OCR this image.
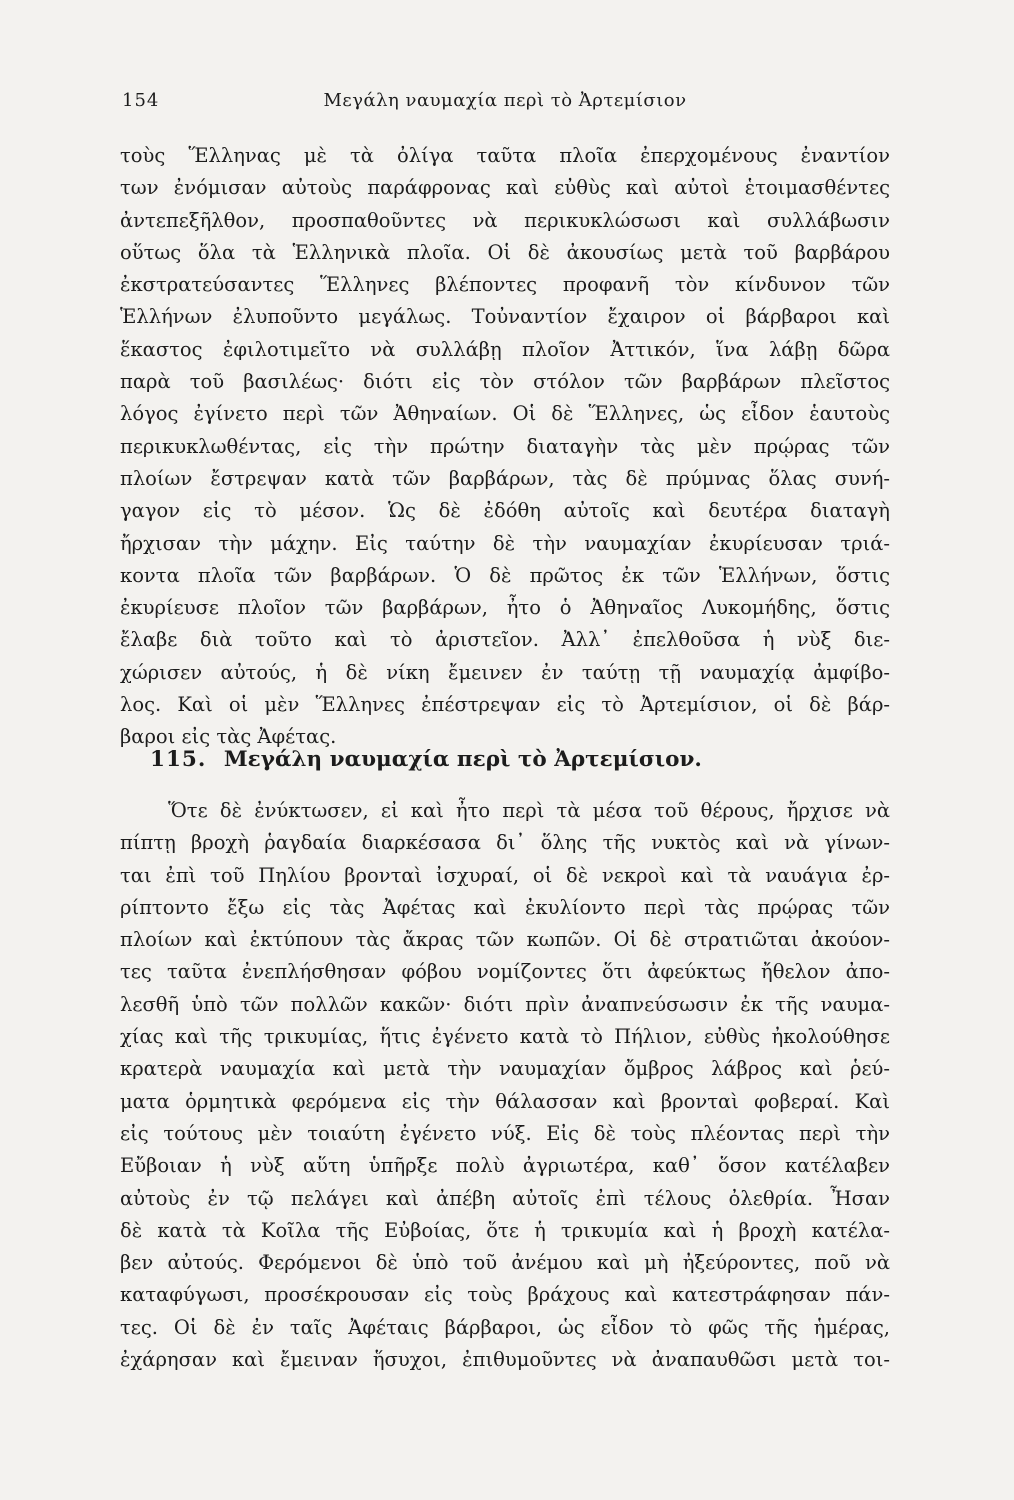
154	Μεγάλη ναυμαχία περὶ τὸ Ἀρτεμίσιον
τοὺς Ἕλληνας μὲ τὰ ὀλίγα ταῦτα πλοῖα ἐπερχομένους ἐναντίον
των ἐνόμισαν αὐτοὺς παράφρονας καὶ εὐθὺς καὶ αὐτοὶ ἑτοιμασθέντες
ἀντεπεξῆλθον, προσπαθοῦντες νὰ περικυκλώσωσι καὶ συλλάβωσιν
οὕτως ὅλα τὰ Ἑλληνικὰ πλοῖα. Οἱ δὲ ἀκουσίως μετὰ τοῦ βαρβάρου
ἐκστρατεύσαντες Ἕλληνες βλέποντες προφανῆ τὸν κίνδυνον τῶν
Ἑλλήνων ἐλυποῦντο μεγάλως. Τοὐναντίον ἔχαιρον οἱ βάρβαροι καὶ
ἕκαστος ἐφιλοτιμεῖτο νὰ συλλάβῃ πλοῖον Ἀττικόν, ἵνα λάβῃ δῶρα
παρὰ τοῦ βασιλέως· διότι εἰς τὸν στόλον τῶν βαρβάρων πλεῖστος
λόγος ἐγίνετο περὶ τῶν Ἀθηναίων. Οἱ δὲ Ἕλληνες, ὡς εἶδον ἑαυτοὺς
περικυκλωθέντας, εἰς τὴν πρώτην διαταγὴν τὰς μὲν πρῴρας τῶν
πλοίων ἔστρεψαν κατὰ τῶν βαρβάρων, τὰς δὲ πρύμνας ὅλας συνή-
γαγον εἰς τὸ μέσον. Ὡς δὲ ἐδόθη αὐτοῖς καὶ δευτέρα διαταγὴ
ἤρχισαν τὴν μάχην. Εἰς ταύτην δὲ τὴν ναυμαχίαν ἐκυρίευσαν τριά-
κοντα πλοῖα τῶν βαρβάρων. Ὁ δὲ πρῶτος ἐκ τῶν Ἑλλήνων, ὅστις
ἐκυρίευσε πλοῖον τῶν βαρβάρων, ἦτο ὁ Ἀθηναῖος Λυκομήδης, ὅστις
ἔλαβε διὰ τοῦτο καὶ τὸ ἀριστεῖον. Ἀλλ᾿ ἐπελθοῦσα ἡ νὺξ διε-
χώρισεν αὐτούς, ἡ δὲ νίκη ἔμεινεν ἐν ταύτῃ τῇ ναυμαχίᾳ ἀμφίβο-
λος. Καὶ οἱ μὲν Ἕλληνες ἐπέστρεψαν εἰς τὸ Ἀρτεμίσιον, οἱ δὲ βάρ-
βαροι εἰς τὰς Ἀφέτας.
115. Μεγάλη ναυμαχία περὶ τὸ Ἀρτεμίσιον.
Ὅτε δὲ ἐνύκτωσεν, εἰ καὶ ἦτο περὶ τὰ μέσα τοῦ θέρους, ἤρχισε νὰ
πίπτῃ βροχὴ ῥαγδαία διαρκέσασα δι᾿ ὅλης τῆς νυκτὸς καὶ νὰ γίνων-
ται ἐπὶ τοῦ Πηλίου βρονταὶ ἰσχυραί, οἱ δὲ νεκροὶ καὶ τὰ ναυάγια ἐρ-
ρίπτοντο ἔξω εἰς τὰς Ἀφέτας καὶ ἐκυλίοντο περὶ τὰς πρῴρας τῶν
πλοίων καὶ ἐκτύπουν τὰς ἄκρας τῶν κωπῶν. Οἱ δὲ στρατιῶται ἀκούον-
τες ταῦτα ἐνεπλήσθησαν φόβου νομίζοντες ὅτι ἀφεύκτως ἤθελον ἀπο-
λεσθῆ ὑπὸ τῶν πολλῶν κακῶν· διότι πρὶν ἀναπνεύσωσιν ἐκ τῆς ναυμα-
χίας καὶ τῆς τρικυμίας, ἥτις ἐγένετο κατὰ τὸ Πήλιον, εὐθὺς ἠκολούθησε
κρατερὰ ναυμαχία καὶ μετὰ τὴν ναυμαχίαν ὄμβρος λάβρος καὶ ῥεύ-
ματα ὁρμητικὰ φερόμενα εἰς τὴν θάλασσαν καὶ βρονταὶ φοβεραί. Καὶ
εἰς τούτους μὲν τοιαύτη ἐγένετο νύξ. Εἰς δὲ τοὺς πλέοντας περὶ τὴν
Εὔβοιαν ἡ νὺξ αὕτη ὑπῆρξε πολὺ ἀγριωτέρα, καθ᾿ ὅσον κατέλαβεν
αὐτοὺς ἐν τῷ πελάγει καὶ ἀπέβη αὐτοῖς ἐπὶ τέλους ὀλεθρία. Ἦσαν
δὲ κατὰ τὰ Κοῖλα τῆς Εὐβοίας, ὅτε ἡ τρικυμία καὶ ἡ βροχὴ κατέλα-
βεν αὐτούς. Φερόμενοι δὲ ὑπὸ τοῦ ἀνέμου καὶ μὴ ἠξεύροντες, ποῦ νὰ
καταφύγωσι, προσέκρουσαν εἰς τοὺς βράχους καὶ κατεστράφησαν πάν-
τες. Οἱ δὲ ἐν ταῖς Ἀφέταις βάρβαροι, ὡς εἶδον τὸ φῶς τῆς ἡμέρας,
ἐχάρησαν καὶ ἔμειναν ἥσυχοι, ἐπιθυμοῦντες νὰ ἀναπαυθῶσι μετὰ τοι-
